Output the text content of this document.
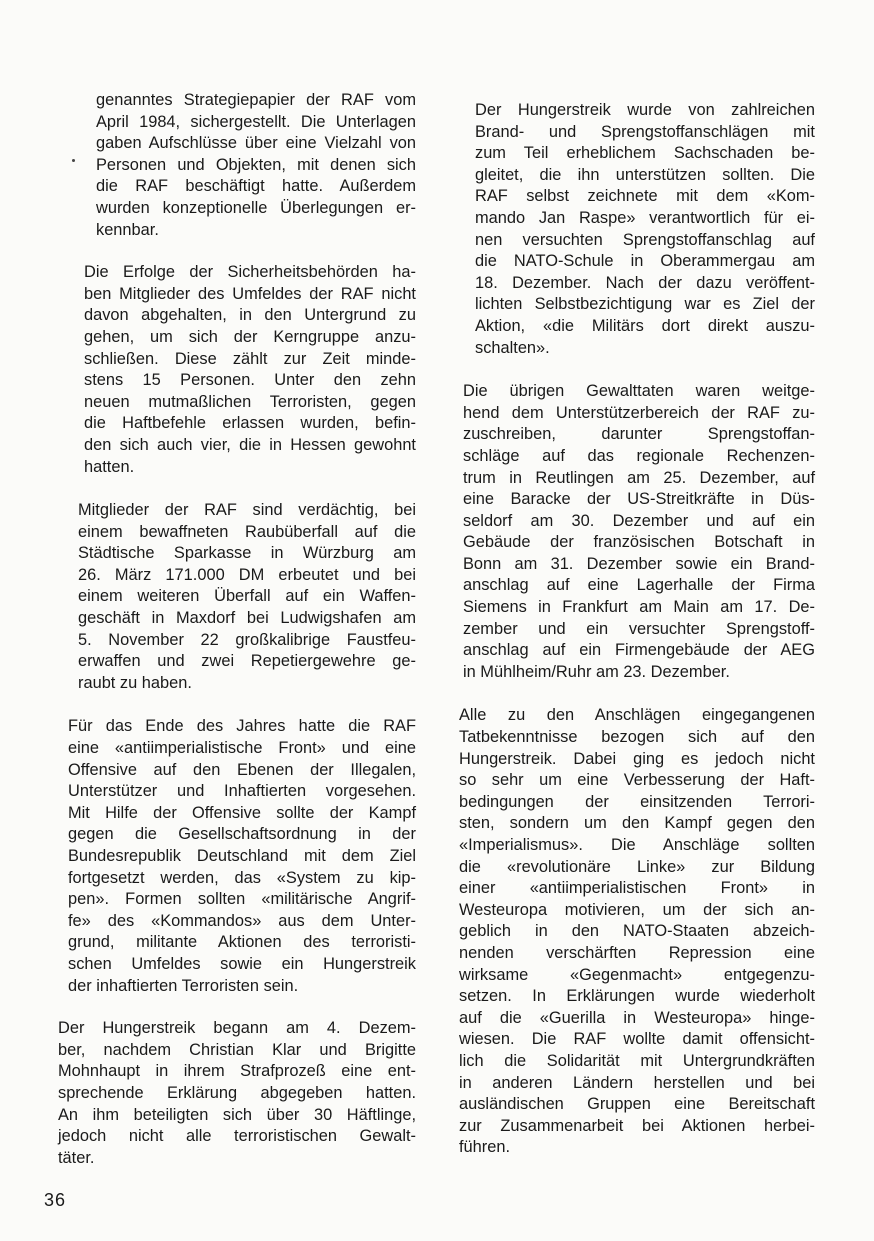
genanntes Strategiepapier der RAF vom
April 1984, sichergestellt. Die Unterlagen
gaben Aufschlüsse über eine Vielzahl von
Personen und Objekten, mit denen sich
die RAF beschäftigt hatte. Außerdem
wurden konzeptionelle Überlegungen er-
kennbar.
Die Erfolge der Sicherheitsbehörden ha-
ben Mitglieder des Umfeldes der RAF nicht
davon abgehalten, in den Untergrund zu
gehen, um sich der Kerngruppe anzu-
schließen. Diese zählt zur Zeit minde-
stens 15 Personen. Unter den zehn
neuen mutmaßlichen Terroristen, gegen
die Haftbefehle erlassen wurden, befin-
den sich auch vier, die in Hessen gewohnt
hatten.
Mitglieder der RAF sind verdächtig, bei
einem bewaffneten Raubüberfall auf die
Städtische Sparkasse in Würzburg am
26. März 171.000 DM erbeutet und bei
einem weiteren Überfall auf ein Waffen-
geschäft in Maxdorf bei Ludwigshafen am
5. November 22 großkalibrige Faustfeu-
erwaffen und zwei Repetiergewehre ge-
raubt zu haben.
Für das Ende des Jahres hatte die RAF
eine «antiimperialistische Front» und eine
Offensive auf den Ebenen der Illegalen,
Unterstützer und Inhaftierten vorgesehen.
Mit Hilfe der Offensive sollte der Kampf
gegen die Gesellschaftsordnung in der
Bundesrepublik Deutschland mit dem Ziel
fortgesetzt werden, das «System zu kip-
pen». Formen sollten «militärische Angrif-
fe» des «Kommandos» aus dem Unter-
grund, militante Aktionen des terroristi-
schen Umfeldes sowie ein Hungerstreik
der inhaftierten Terroristen sein.
Der Hungerstreik begann am 4. Dezem-
ber, nachdem Christian Klar und Brigitte
Mohnhaupt in ihrem Strafprozeß eine ent-
sprechende Erklärung abgegeben hatten.
An ihm beteiligten sich über 30 Häftlinge,
jedoch nicht alle terroristischen Gewalt-
täter.
Der Hungerstreik wurde von zahlreichen
Brand- und Sprengstoffanschlägen mit
zum Teil erheblichem Sachschaden be-
gleitet, die ihn unterstützen sollten. Die
RAF selbst zeichnete mit dem «Kom-
mando Jan Raspe» verantwortlich für ei-
nen versuchten Sprengstoffanschlag auf
die NATO-Schule in Oberammergau am
18. Dezember. Nach der dazu veröffent-
lichten Selbstbezichtigung war es Ziel der
Aktion, «die Militärs dort direkt auszu-
schalten».
Die übrigen Gewalttaten waren weitge-
hend dem Unterstützerbereich der RAF zu-
zuschreiben, darunter Sprengstoffan-
schläge auf das regionale Rechenzen-
trum in Reutlingen am 25. Dezember, auf
eine Baracke der US-Streitkräfte in Düs-
seldorf am 30. Dezember und auf ein
Gebäude der französischen Botschaft in
Bonn am 31. Dezember sowie ein Brand-
anschlag auf eine Lagerhalle der Firma
Siemens in Frankfurt am Main am 17. De-
zember und ein versuchter Sprengstoff-
anschlag auf ein Firmengebäude der AEG
in Mühlheim/Ruhr am 23. Dezember.
Alle zu den Anschlägen eingegangenen
Tatbekenntnisse bezogen sich auf den
Hungerstreik. Dabei ging es jedoch nicht
so sehr um eine Verbesserung der Haft-
bedingungen der einsitzenden Terrori-
sten, sondern um den Kampf gegen den
«Imperialismus». Die Anschläge sollten
die «revolutionäre Linke» zur Bildung
einer «antiimperialistischen Front» in
Westeuropa motivieren, um der sich an-
geblich in den NATO-Staaten abzeich-
nenden verschärften Repression eine
wirksame «Gegenmacht» entgegenzu-
setzen. In Erklärungen wurde wiederholt
auf die «Guerilla in Westeuropa» hinge-
wiesen. Die RAF wollte damit offensicht-
lich die Solidarität mit Untergrundkräften
in anderen Ländern herstellen und bei
ausländischen Gruppen eine Bereitschaft
zur Zusammenarbeit bei Aktionen herbei-
führen.
36
